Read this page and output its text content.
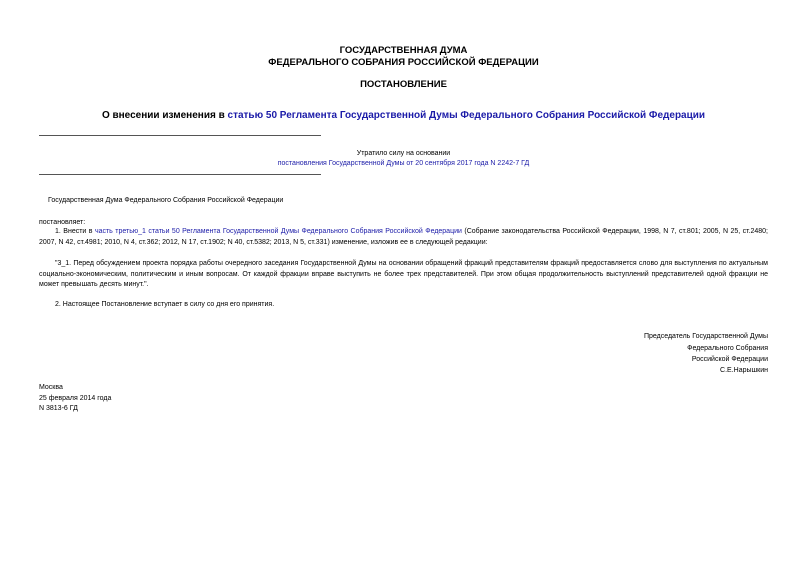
ГОСУДАРСТВЕННАЯ ДУМА
ФЕДЕРАЛЬНОГО СОБРАНИЯ РОССИЙСКОЙ ФЕДЕРАЦИИ
ПОСТАНОВЛЕНИЕ
О внесении изменения в статью 50 Регламента Государственной Думы Федерального Собрания Российской Федерации
Утратило силу на основании
постановления Государственной Думы от 20 сентября 2017 года N 2242-7 ГД
Государственная Дума Федерального Собрания Российской Федерации
постановляет:
1. Внести в часть третью_1 статьи 50 Регламента Государственной Думы Федерального Собрания Российской Федерации (Собрание законодательства Российской Федерации, 1998, N 7, ст.801; 2005, N 25, ст.2480; 2007, N 42, ст.4981; 2010, N 4, ст.362; 2012, N 17, ст.1902; N 40, ст.5382; 2013, N 5, ст.331) изменение, изложив ее в следующей редакции:
"3_1. Перед обсуждением проекта порядка работы очередного заседания Государственной Думы на основании обращений фракций представителям фракций предоставляется слово для выступления по актуальным социально-экономическим, политическим и иным вопросам. От каждой фракции вправе выступить не более трех представителей. При этом общая продолжительность выступлений представителей одной фракции не может превышать десять минут.".
2. Настоящее Постановление вступает в силу со дня его принятия.
Председатель Государственной Думы
Федерального Собрания
Российской Федерации
С.Е.Нарышкин
Москва
25 февраля 2014 года
N 3813-6 ГД
